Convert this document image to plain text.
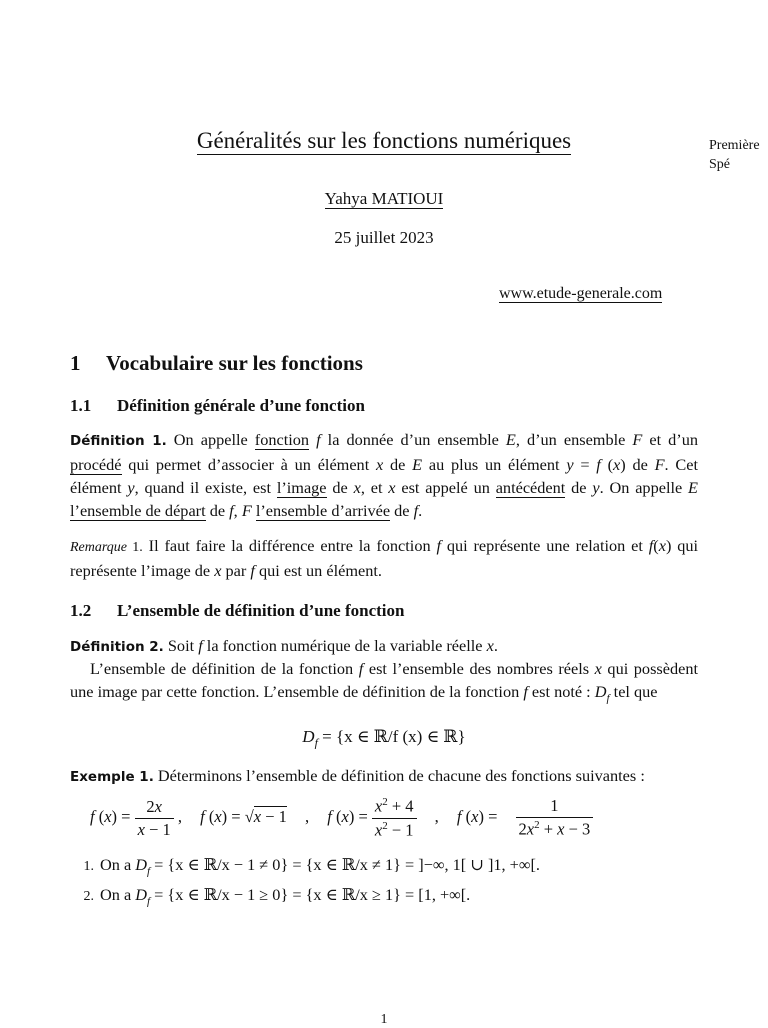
Généralités sur les fonctions numériques	Première
Spé
Yahya MATIOUI
25 juillet 2023
www.etude-generale.com
1 Vocabulaire sur les fonctions
1.1 Définition générale d’une fonction
Définition 1. On appelle fonction f la donnée d’un ensemble E, d’un ensemble F et d’un procédé qui permet d’associer à un élément x de E au plus un élément y = f (x) de F. Cet élément y, quand il existe, est l’image de x, et x est appelé un antécédent de y. On appelle E l’ensemble de départ de f, F l’ensemble d’arrivée de f.
Remarque 1. Il faut faire la différence entre la fonction f qui représente une relation et f(x) qui représente l’image de x par f qui est un élément.
1.2 L’ensemble de définition d’une fonction
Définition 2. Soit f la fonction numérique de la variable réelle x.
L’ensemble de définition de la fonction f est l’ensemble des nombres réels x qui possèdent une image par cette fonction. L’ensemble de définition de la fonction f est noté : $D_f$ tel que
$D_f = \{x$ ∈ ℝ/f (x) ∈ ℝ}
Exemple 1. Déterminons l’ensemble de définition de chacune des fonctions suivantes :
f $(x) = \frac{2x}{x - 1}$ , f (x) = √x − 1 , f $(x) = \frac{x^2 + 4}{x^2 - 1}$ , f $(x) = \frac{1}{2x^2 + x - 3}$
1. On a $D_f = \{x$ ∈ ℝ/x − 1 ≠ 0} = {x ∈ ℝ/x ≠ 1} = ]−∞, 1[ ∪ ]1, +∞[.
2. On a $D_f = \{x$ ∈ ℝ/x − 1 ≥ 0} = {x ∈ ℝ/x ≥ 1} = [1, +∞[.
1
